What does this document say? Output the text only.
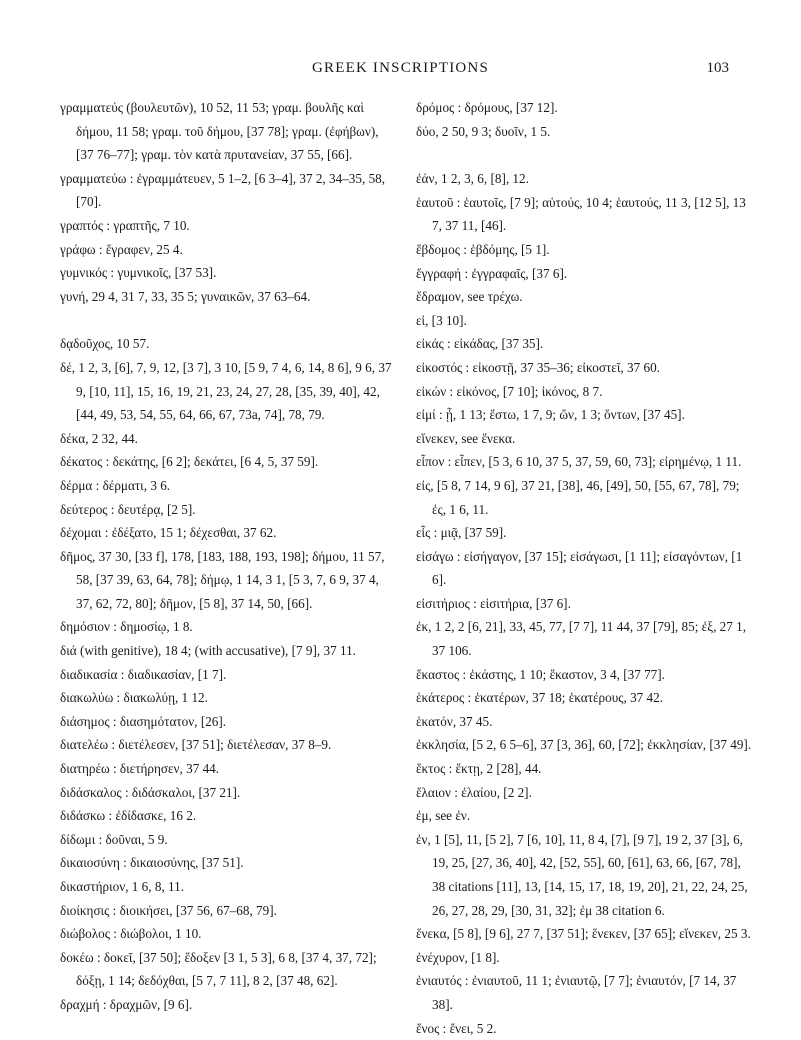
GREEK INSCRIPTIONS	103

γραμματεύς (βουλευτῶν), 10 52, 11 53; γραμ. βουλῆς καὶ δήμου, 11 58; γραμ. τοῦ δήμου, [37 78]; γραμ. (ἐφήβων), [37 76–77]; γραμ. τὸν κατὰ πρυτανείαν, 37 55, [66].

γραμματεύω : ἐγραμμάτευεν, 5 1–2, [6 3–4], 37 2, 34–35, 58, [70].

γραπτός : γραπτῆς, 7 10.

γράφω : ἔγραφεν, 25 4.

γυμνικός : γυμνικοῖς, [37 53].

γυνή, 29 4, 31 7, 33, 35 5; γυναικῶν, 37 63–64.

δᾳδοῦχος, 10 57.

δέ, 1 2, 3, [6], 7, 9, 12, [3 7], 3 10, [5 9, 7 4, 6, 14, 8 6], 9 6, 37 9, [10, 11], 15, 16, 19, 21, 23, 24, 27, 28, [35, 39, 40], 42, [44, 49, 53, 54, 55, 64, 66, 67, 73a, 74], 78, 79.

δέκα, 2 32, 44.

δέκατος : δεκάτης, [6 2]; δεκάτει, [6 4, 5, 37 59].

δέρμα : δέρματι, 3 6.

δεύτερος : δευτέρᾳ, [2 5].

δέχομαι : ἐδέξατο, 15 1; δέχεσθαι, 37 62.

δῆμος, 37 30, [33 f], 178, [183, 188, 193, 198]; δήμου, 11 57, 58, [37 39, 63, 64, 78]; δήμῳ, 1 14, 3 1, [5 3, 7, 6 9, 37 4, 37, 62, 72, 80]; δῆμον, [5 8], 37 14, 50, [66].

δημόσιον : δημοσίῳ, 1 8.

διά (with genitive), 18 4; (with accusative), [7 9], 37 11.

διαδικασία : διαδικασίαν, [1 7].

διακωλύω : διακωλύῃ, 1 12.

διάσημος : διασημότατον, [26].

διατελέω : διετέλεσεν, [37 51]; διετέλεσαν, 37 8–9.

διατηρέω : διετήρησεν, 37 44.

διδάσκαλος : διδάσκαλοι, [37 21].

διδάσκω : ἐδίδασκε, 16 2.

δίδωμι : δοῦναι, 5 9.

δικαιοσύνη : δικαιοσύνης, [37 51].

δικαστήριον, 1 6, 8, 11.

διοίκησις : διοικήσει, [37 56, 67–68, 79].

διώβολος : διώβολοι, 1 10.

δοκέω : δοκεῖ, [37 50]; ἔδοξεν [3 1, 5 3], 6 8, [37 4, 37, 72]; δόξῃ, 1 14; δεδόχθαι, [5 7, 7 11], 8 2, [37 48, 62].

δραχμή : δραχμῶν, [9 6].

δρόμος : δρόμους, [37 12].

δύο, 2 50, 9 3; δυοῖν, 1 5.

ἐάν, 1 2, 3, 6, [8], 12.

ἑαυτοῦ : ἑαυτοῖς, [7 9]; αὑτούς, 10 4; ἑαυτούς, 11 3, [12 5], 13 7, 37 11, [46].

ἕβδομος : ἑβδόμης, [5 1].

ἔγγραφή : ἐγγραφαῖς, [37 6].

ἔδραμον, see τρέχω.

εἰ, [3 10].

εἰκάς : εἰκάδας, [37 35].

εἰκοστός : εἰκοστῇ, 37 35–36; εἰκοστεῖ, 37 60.

εἰκών : εἰκόνος, [7 10]; ἰκόνος, 8 7.

εἰμί : ᾖ, 1 13; ἔστω, 1 7, 9; ὤν, 1 3; ὄντων, [37 45].

εἵνεκεν, see ἕνεκα.

εἶπον : εἶπεν, [5 3, 6 10, 37 5, 37, 59, 60, 73]; εἰρημένῳ, 1 11.

εἰς, [5 8, 7 14, 9 6], 37 21, [38], 46, [49], 50, [55, 67, 78], 79; ἐς, 1 6, 11.

εἷς : μιᾷ, [37 59].

εἰσάγω : εἰσήγαγον, [37 15]; εἰσάγωσι, [1 11]; εἰσαγόντων, [1 6].

εἰσιτήριος : εἰσιτήρια, [37 6].

ἐκ, 1 2, 2 [6, 21], 33, 45, 77, [7 7], 11 44, 37 [79], 85; ἐξ, 27 1, 37 106.

ἕκαστος : ἑκάστης, 1 10; ἕκαστον, 3 4, [37 77].

ἑκάτερος : ἑκατέρων, 37 18; ἑκατέρους, 37 42.

ἑκατόν, 37 45.

ἐκκλησία, [5 2, 6 5–6], 37 [3, 36], 60, [72]; ἐκκλησίαν, [37 49].

ἕκτος : ἕκτῃ, 2 [28], 44.

ἔλαιον : ἐλαίου, [2 2].

ἐμ, see ἐν.

ἐν, 1 [5], 11, [5 2], 7 [6, 10], 11, 8 4, [7], [9 7], 19 2, 37 [3], 6, 19, 25, [27, 36, 40], 42, [52, 55], 60, [61], 63, 66, [67, 78], 38 citations [11], 13, [14, 15, 17, 18, 19, 20], 21, 22, 24, 25, 26, 27, 28, 29, [30, 31, 32]; ἐμ 38 citation 6.

ἕνεκα, [5 8], [9 6], 27 7, [37 51]; ἕνεκεν, [37 65]; εἵνεκεν, 25 3.

ἐνέχυρον, [1 8].

ἐνιαυτός : ἐνιαυτοῦ, 11 1; ἐνιαυτῷ, [7 7]; ἐνιαυτόν, [7 14, 37 38].

ἔνος : ἔνει, 5 2.
